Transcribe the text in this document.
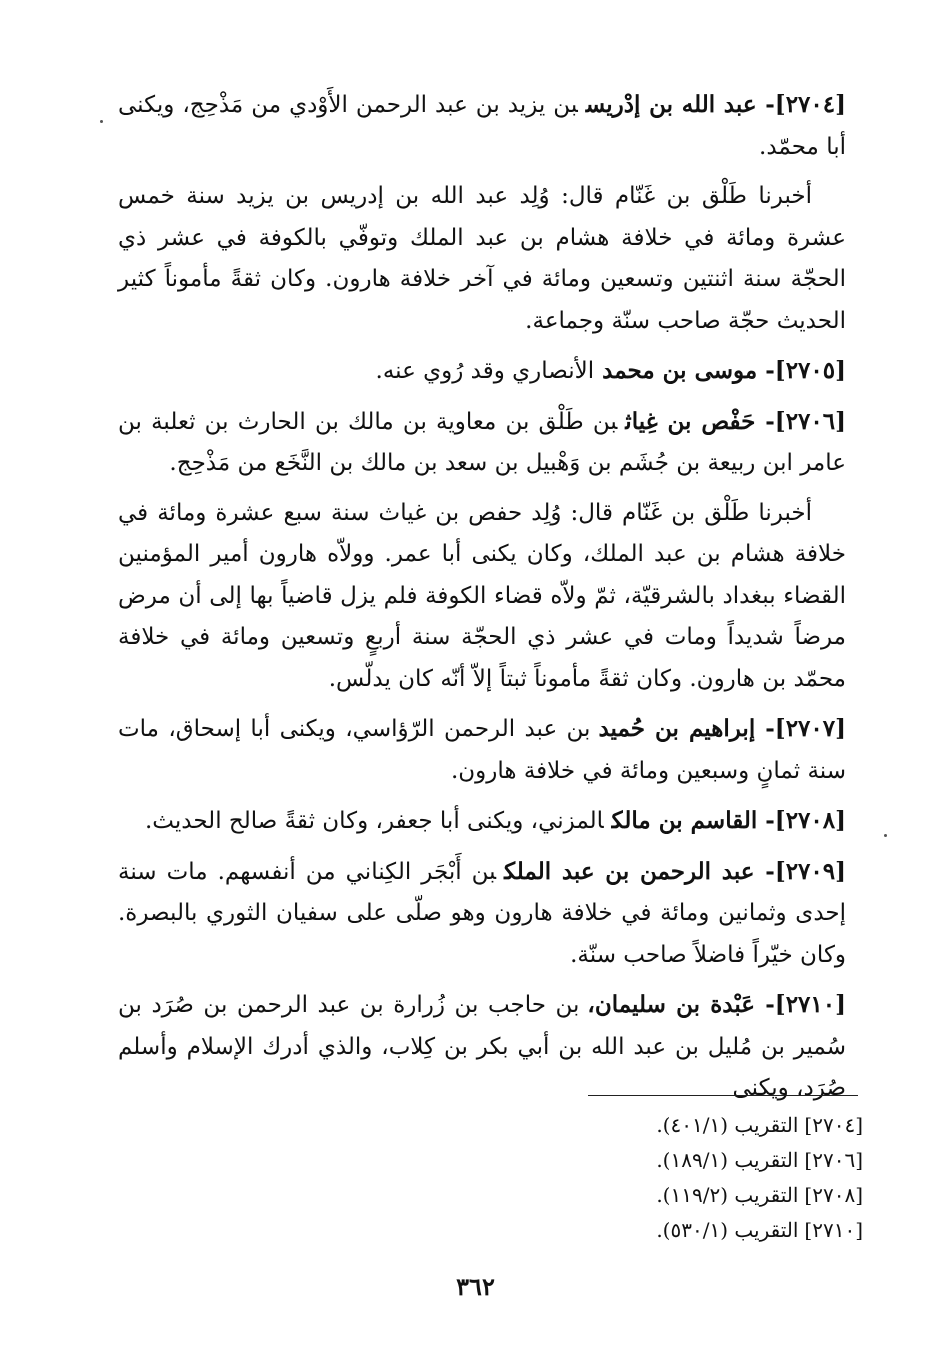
[٢٧٠٤]- عبد الله بن إدْريسبن يزيد بن عبد الرحمن الأَوْدي من مَذْحِج، ويكنى أبا محمّد.

أخبرنا طَلْق بن غَنّام قال: وُلِد عبد الله بن إدريس بن يزيد سنة خمس عشرة ومائة في خلافة هشام بن عبد الملك وتوفّي بالكوفة في عشر ذي الحجّة سنة اثنتين وتسعين ومائة في آخر خلافة هارون. وكان ثقةً مأموناً كثير الحديث حجّة صاحب سنّة وجماعة.

[٢٧٠٥]- موسى بن محمدالأنصاري وقد رُوي عنه.

[٢٧٠٦]- حَفْص بن غِياثبن طَلْق بن معاوية بن مالك بن الحارث بن ثعلبة بن عامر ابن ربيعة بن جُشَم بن وَهْبيل بن سعد بن مالك بن النَّخَع من مَذْحِج.

أخبرنا طَلْق بن غَنّام قال: وُلِد حفص بن غياث سنة سبع عشرة ومائة في خلافة هشام بن عبد الملك، وكان يكنى أبا عمر. وولاّه هارون أمير المؤمنين القضاء ببغداد بالشرقيّة، ثمّ ولاّه قضاء الكوفة فلم يزل قاضياً بها إلى أن مرض مرضاً شديداً ومات في عشر ذي الحجّة سنة أربعٍ وتسعين ومائة في خلافة محمّد بن هارون. وكان ثقةً مأموناً ثبتاً إلاّ أنّه كان يدلّس.

[٢٧٠٧]- إبراهيم بن حُميدبن عبد الرحمن الرّؤاسي، ويكنى أبا إسحاق، مات سنة ثمانٍ وسبعين ومائة في خلافة هارون.

[٢٧٠٨]- القاسم بن مالكالمزني، ويكنى أبا جعفر، وكان ثقةً صالح الحديث.

[٢٧٠٩]- عبد الرحمن بن عبد الملكبن أَبْجَر الكِناني من أنفسهم. مات سنة إحدى وثمانين ومائة في خلافة هارون وهو صلّى على سفيان الثوري بالبصرة. وكان خيّراً فاضلاً صاحب سنّة.

[٢٧١٠]- عَبْدة بن سليمان،بن حاجب بن زُرارة بن عبد الرحمن بن صُرَد بن سُمير بن مُليل بن عبد الله بن أبي بكر بن كِلاب، والذي أدرك الإسلام وأسلم صُرَد، ويكنى

[٢٧٠٤]التقريب (٤٠١/١).

[٢٧٠٦]التقريب (١٨٩/١).

[٢٧٠٨]التقريب (١١٩/٢).

[٢٧١٠]التقريب (٥٣٠/١).

٣٦٢
